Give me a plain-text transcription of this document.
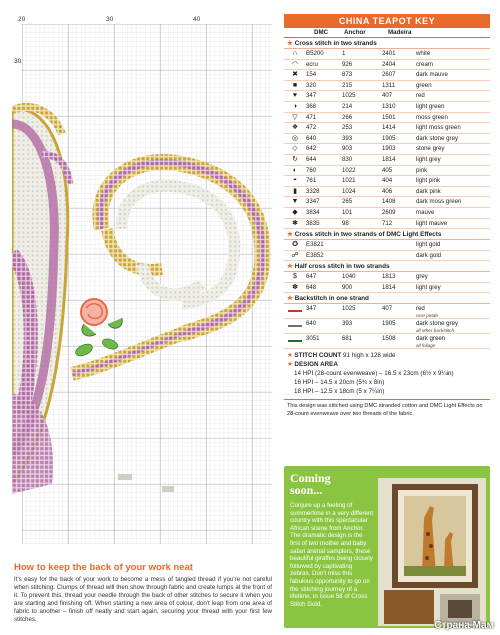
20	30	40
30
CHINA TEAPOT KEY
DMC	Anchor	Madeira
★ Cross stitch in two strands
∩	B5200	1	2401	white
◠	ecru	926	2404	cream
✖	154	873	2607	dark mauve
■	320	215	1311	green
♥	347	1025	407	red
◑	368	214	1310	light green
▽	471	266	1501	moss green
❖	472	253	1414	light moss green
◎	640	393	1905	dark stone grey
◇	642	903	1903	stone grey
↻	644	830	1814	light grey
◐	760	1022	405	pink
◓	761	1021	404	light pink
▮	3328	1024	406	dark pink
▼	3347	265	1408	dark moss green
◆	3834	101	2609	mauve
✱	3835	98	712	light mauve
★ Cross stitch in two strands of DMC Light Effects
✪	E3821	light gold
☍	E3852	dark gold
★ Half cross stitch in two strands
$	647	1040	1813	grey
✽	648	900	1814	light grey
★ Backstitch in one strand
347	1025	407	red
rose petals
640	393	1905	dark stone grey
all other backstitch
3051	681	1508	dark green
all foliage
★ STITCH COUNT 91 high x 128 wide
★ DESIGN AREA
14 HPI (28-count evenweave) – 16.5 x 23cm (6½ x 9¼in)
16 HPI – 14.5 x 20cm (5¾ x 8in)
18 HPI – 12.5 x 18cm (5 x 7¼in)
This design was stitched using DMC stranded cotton and DMC Light Effects on 28-count evenweave over two threads of the fabric.
Coming
soon...
Conjure up a feeling of summertime in a very different country with this spectacular African scene from Anchor. The dramatic design is the first of two mother and baby safari animal samplers, these beautiful giraffes being closely followed by captivating zebras. Don't miss this fabulous opportunity to go on the stitching journey of a lifetime, in issue 58 of Cross Stitch Gold.
How to keep the back of your work neat
It's easy for the back of your work to become a mess of tangled thread if you're not careful when stitching. Clumps of thread will then show through fabric and create lumps at the front of it. To prevent this, thread your needle through the back of other stitches to secure it when you are starting and finishing off. When starting a new area of colour, don't leap from one area of fabric to another – finish off neatly and start again, securing your thread with your first few stitches.
Страна Мам
